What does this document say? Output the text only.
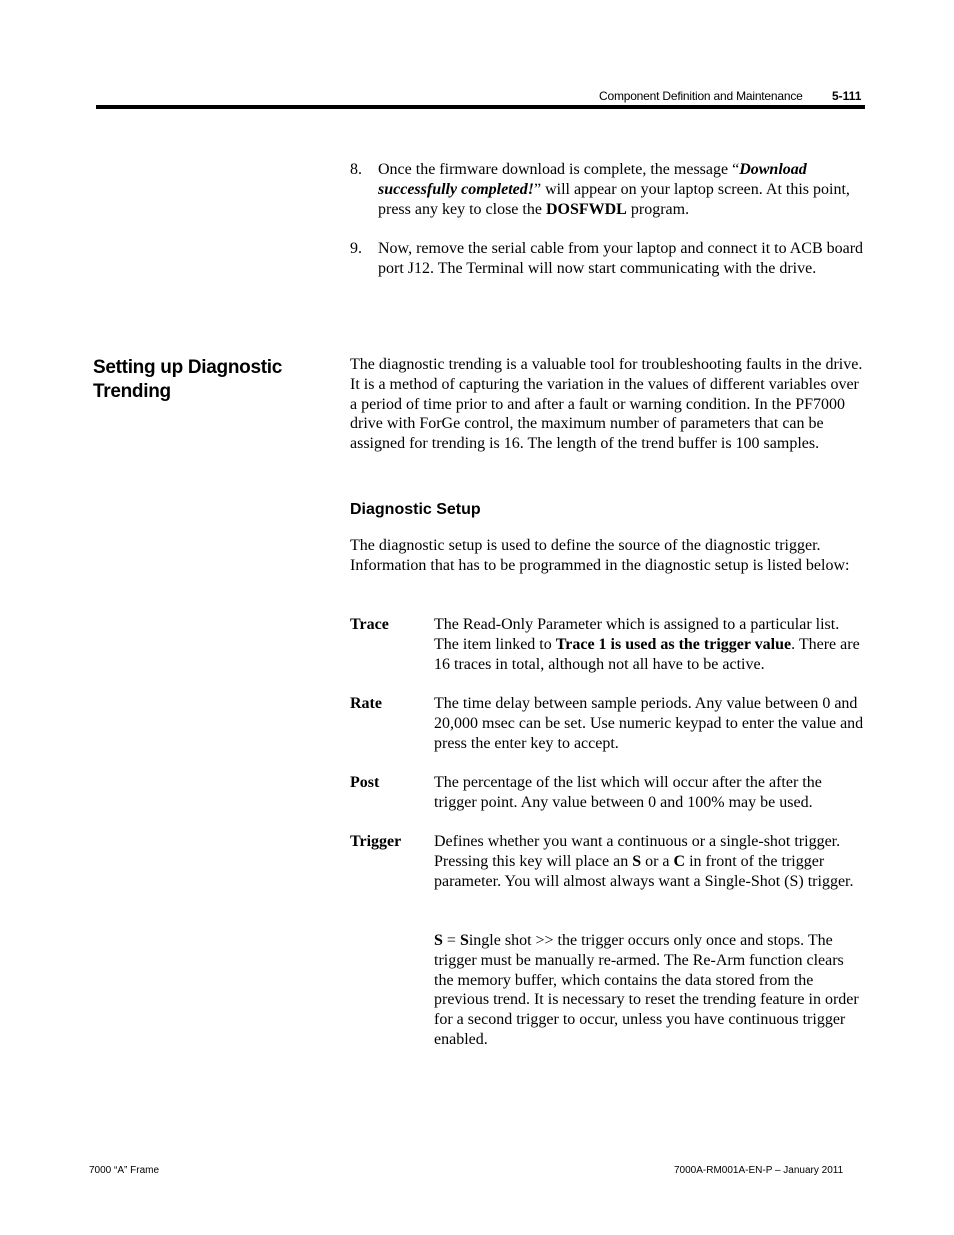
Component Definition and Maintenance 5-111
8. Once the firmware download is complete, the message “Download successfully completed!” will appear on your laptop screen. At this point, press any key to close the DOSFWDL program.
9. Now, remove the serial cable from your laptop and connect it to ACB board port J12. The Terminal will now start communicating with the drive.
Setting up Diagnostic Trending
The diagnostic trending is a valuable tool for troubleshooting faults in the drive. It is a method of capturing the variation in the values of different variables over a period of time prior to and after a fault or warning condition. In the PF7000 drive with ForGe control, the maximum number of parameters that can be assigned for trending is 16. The length of the trend buffer is 100 samples.
Diagnostic Setup
The diagnostic setup is used to define the source of the diagnostic trigger. Information that has to be programmed in the diagnostic setup is listed below:
Trace	The Read-Only Parameter which is assigned to a particular list. The item linked to Trace 1 is used as the trigger value. There are 16 traces in total, although not all have to be active.
Rate	The time delay between sample periods. Any value between 0 and 20,000 msec can be set. Use numeric keypad to enter the value and press the enter key to accept.
Post	The percentage of the list which will occur after the after the trigger point. Any value between 0 and 100% may be used.
Trigger Defines whether you want a continuous or a single-shot trigger. Pressing this key will place an S or a C in front of the trigger parameter. You will almost always want a Single-Shot (S) trigger.
S = Single shot >> the trigger occurs only once and stops. The trigger must be manually re-armed. The Re-Arm function clears the memory buffer, which contains the data stored from the previous trend. It is necessary to reset the trending feature in order for a second trigger to occur, unless you have continuous trigger enabled.
7000 “A” Frame	7000A-RM001A-EN-P – January 2011
